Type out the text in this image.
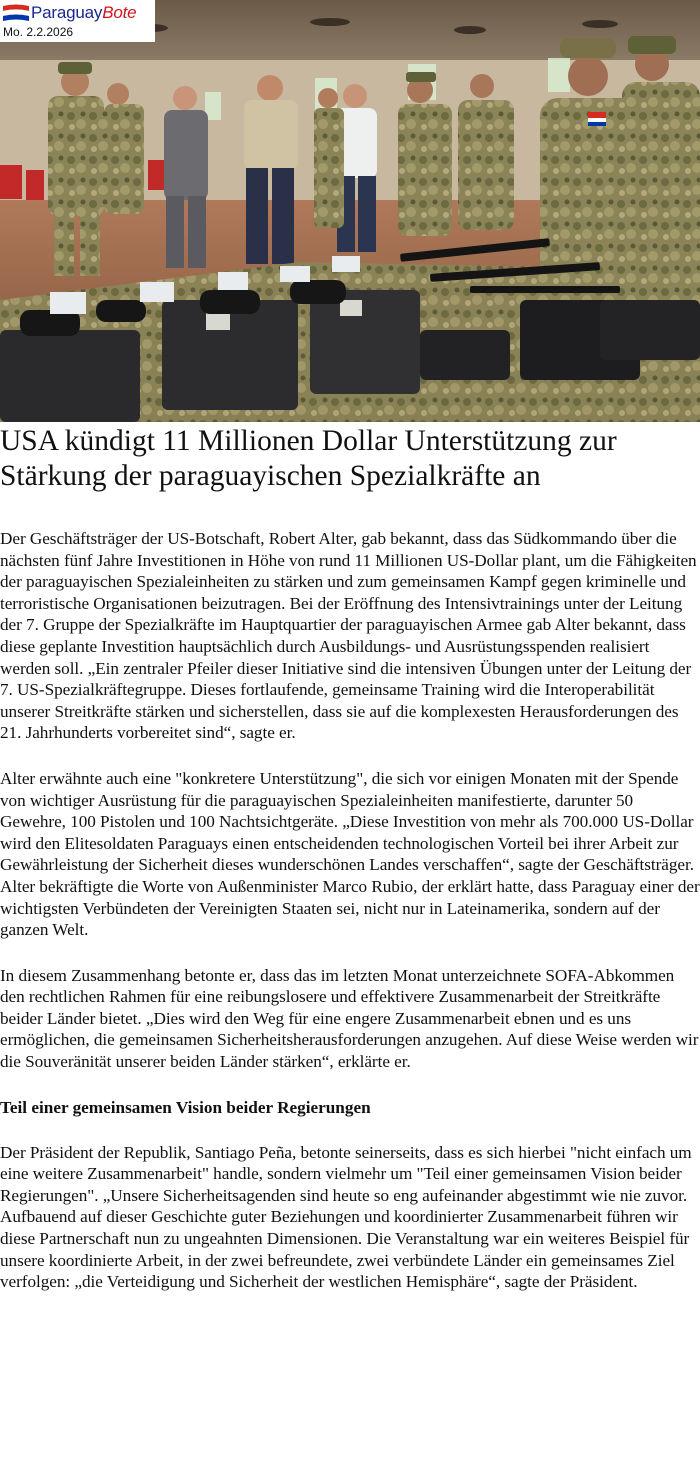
ParaguayBote
Mo. 2.2.2026
USA kündigt 11 Millionen Dollar Unterstützung zur Stärkung der paraguayischen Spezialkräfte an

Der Geschäftsträger der US-Botschaft, Robert Alter, gab bekannt, dass das Südkommando über die nächsten fünf Jahre Investitionen in Höhe von rund 11 Millionen US-Dollar plant, um die Fähigkeiten der paraguayischen Spezialeinheiten zu stärken und zum gemeinsamen Kampf gegen kriminelle und terroristische Organisationen beizutragen. Bei der Eröffnung des Intensivtrainings unter der Leitung der 7. Gruppe der Spezialkräfte im Hauptquartier der paraguayischen Armee gab Alter bekannt, dass diese geplante Investition hauptsächlich durch Ausbildungs- und Ausrüstungsspenden realisiert werden soll. „Ein zentraler Pfeiler dieser Initiative sind die intensiven Übungen unter der Leitung der 7. US-Spezialkräftegruppe. Dieses fortlaufende, gemeinsame Training wird die Interoperabilität unserer Streitkräfte stärken und sicherstellen, dass sie auf die komplexesten Herausforderungen des 21. Jahrhunderts vorbereitet sind“, sagte er.

Alter erwähnte auch eine "konkretere Unterstützung", die sich vor einigen Monaten mit der Spende von wichtiger Ausrüstung für die paraguayischen Spezialeinheiten manifestierte, darunter 50 Gewehre, 100 Pistolen und 100 Nachtsichtgeräte. „Diese Investition von mehr als 700.000 US-Dollar wird den Elitesoldaten Paraguays einen entscheidenden technologischen Vorteil bei ihrer Arbeit zur Gewährleistung der Sicherheit dieses wunderschönen Landes verschaffen“, sagte der Geschäftsträger. Alter bekräftigte die Worte von Außenminister Marco Rubio, der erklärt hatte, dass Paraguay einer der wichtigsten Verbündeten der Vereinigten Staaten sei, nicht nur in Lateinamerika, sondern auf der ganzen Welt.

In diesem Zusammenhang betonte er, dass das im letzten Monat unterzeichnete SOFA-Abkommen den rechtlichen Rahmen für eine reibungslosere und effektivere Zusammenarbeit der Streitkräfte beider Länder bietet. „Dies wird den Weg für eine engere Zusammenarbeit ebnen und es uns ermöglichen, die gemeinsamen Sicherheitsherausforderungen anzugehen. Auf diese Weise werden wir die Souveränität unserer beiden Länder stärken“, erklärte er.

Teil einer gemeinsamen Vision beider Regierungen

Der Präsident der Republik, Santiago Peña, betonte seinerseits, dass es sich hierbei "nicht einfach um eine weitere Zusammenarbeit" handle, sondern vielmehr um "Teil einer gemeinsamen Vision beider Regierungen". „Unsere Sicherheitsagenden sind heute so eng aufeinander abgestimmt wie nie zuvor. Aufbauend auf dieser Geschichte guter Beziehungen und koordinierter Zusammenarbeit führen wir diese Partnerschaft nun zu ungeahnten Dimensionen. Die Veranstaltung war ein weiteres Beispiel für unsere koordinierte Arbeit, in der zwei befreundete, zwei verbündete Länder ein gemeinsames Ziel verfolgen: „die Verteidigung und Sicherheit der westlichen Hemisphäre“, sagte der Präsident.
